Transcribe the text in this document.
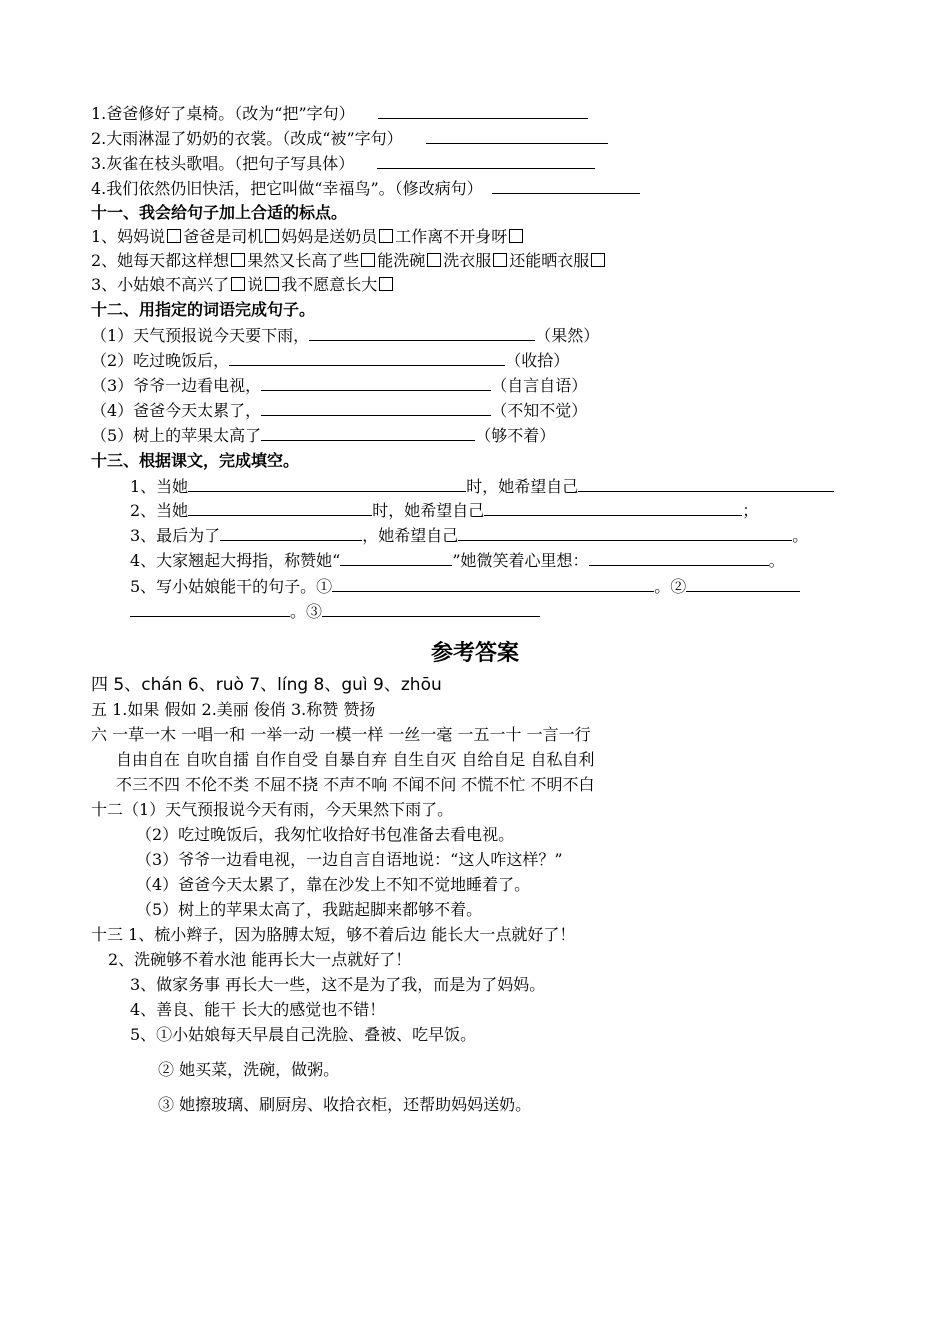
1.爸爸修好了桌椅。（改为“把”字句）
2.大雨淋湿了奶奶的衣裳。（改成“被”字句）
3.灰雀在枝头歌唱。（把句子写具体）
4.我们依然仍旧快活，把它叫做“幸福鸟”。（修改病句）
十一、我会给句子加上合适的标点。
1、妈妈说 爸爸是司机 妈妈是送奶员 工作离不开身呀
2、她每天都这样想 果然又长高了些 能洗碗 洗衣服 还能晒衣服
3、小姑娘不高兴了 说 我不愿意长大
十二、用指定的词语完成句子。
（1）天气预报说今天要下雨，	（果然）
（2）吃过晚饭后，	（收拾）
（3）爷爷一边看电视，	（自言自语）
（4）爸爸今天太累了，	（不知不觉）
（5）树上的苹果太高了	（够不着）
十三、根据课文，完成填空。
1、当她	时，她希望自己
2、当她	时，她希望自己	；
3、最后为了	，她希望自己	。
4、大家翘起大拇指，称赞她“	”她微笑着心里想：	。
5、写小姑娘能干的句子。①	。②
。③
参考答案
四 5、chán 6、ruò 7、líng 8、guì 9、zhōu
五 1.如果 假如 2.美丽 俊俏 3.称赞 赞扬
六 一草一木 一唱一和 一举一动 一模一样 一丝一毫 一五一十 一言一行
自由自在 自吹自擂 自作自受 自暴自弃 自生自灭 自给自足 自私自利
不三不四 不伦不类 不屈不挠 不声不响 不闻不问 不慌不忙 不明不白
十二（1）天气预报说今天有雨，今天果然下雨了。
（2）吃过晚饭后，我匆忙收拾好书包准备去看电视。
（3）爷爷一边看电视，一边自言自语地说：“这人咋这样？”
（4）爸爸今天太累了，靠在沙发上不知不觉地睡着了。
（5）树上的苹果太高了，我踮起脚来都够不着。
十三 1、梳小辫子，因为胳膊太短，够不着后边 能长大一点就好了！
2、洗碗够不着水池 能再长大一点就好了！
3、做家务事 再长大一些，这不是为了我，而是为了妈妈。
4、善良、能干 长大的感觉也不错！
5、①小姑娘每天早晨自己洗脸、叠被、吃早饭。
② 她买菜，洗碗，做粥。
③ 她擦玻璃、刷厨房、收拾衣柜，还帮助妈妈送奶。
